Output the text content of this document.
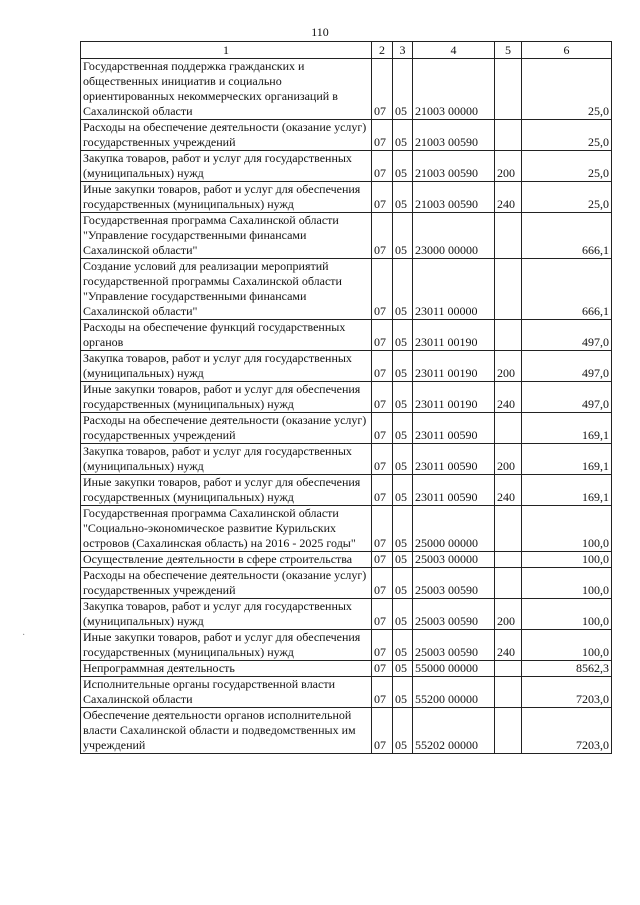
110
1	2	3	4	5	6
Государственная поддержка гражданских и общественных инициатив и социально ориентированных некоммерческих организаций в Сахалинской области	07	05	21003 00000		25,0
Расходы на обеспечение деятельности (оказание услуг) государственных учреждений	07	05	21003 00590		25,0
Закупка товаров, работ и услуг для государственных (муниципальных) нужд	07	05	21003 00590	200	25,0
Иные закупки товаров, работ и услуг для обеспечения государственных (муниципальных) нужд	07	05	21003 00590	240	25,0
Государственная программа Сахалинской области "Управление государственными финансами Сахалинской области"	07	05	23000 00000		666,1
Создание условий для реализации мероприятий государственной программы Сахалинской области "Управление государственными финансами Сахалинской области"	07	05	23011 00000		666,1
Расходы на обеспечение функций государственных органов	07	05	23011 00190		497,0
Закупка товаров, работ и услуг для государственных (муниципальных) нужд	07	05	23011 00190	200	497,0
Иные закупки товаров, работ и услуг для обеспечения государственных (муниципальных) нужд	07	05	23011 00190	240	497,0
Расходы на обеспечение деятельности (оказание услуг) государственных учреждений	07	05	23011 00590		169,1
Закупка товаров, работ и услуг для государственных (муниципальных) нужд	07	05	23011 00590	200	169,1
Иные закупки товаров, работ и услуг для обеспечения государственных (муниципальных) нужд	07	05	23011 00590	240	169,1
Государственная программа Сахалинской области "Социально-экономическое развитие Курильских островов (Сахалинская область) на 2016 - 2025 годы"	07	05	25000 00000		100,0
Осуществление деятельности в сфере строительства	07	05	25003 00000		100,0
Расходы на обеспечение деятельности (оказание услуг) государственных учреждений	07	05	25003 00590		100,0
Закупка товаров, работ и услуг для государственных (муниципальных) нужд	07	05	25003 00590	200	100,0
Иные закупки товаров, работ и услуг для обеспечения государственных (муниципальных) нужд	07	05	25003 00590	240	100,0
Непрограммная деятельность	07	05	55000 00000		8562,3
Исполнительные органы государственной власти Сахалинской области	07	05	55200 00000		7203,0
Обеспечение деятельности органов исполнительной власти Сахалинской области и подведомственных им учреждений	07	05	55202 00000		7203,0
·
